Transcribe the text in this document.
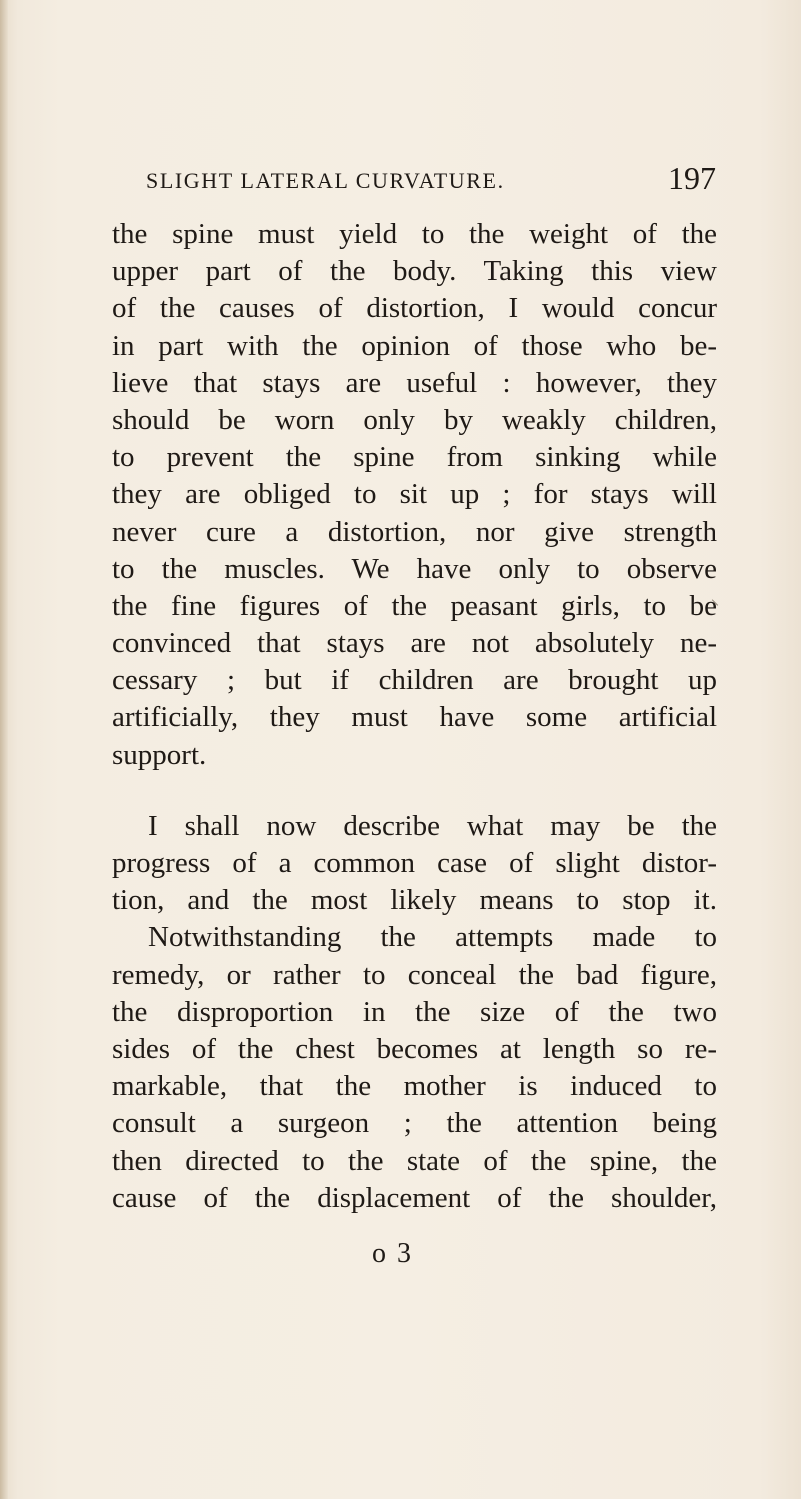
SLIGHT LATERAL CURVATURE.	197
the spine must yield to the weight of the
upper part of the body. Taking this view
of the causes of distortion, I would concur
in part with the opinion of those who be-
lieve that stays are useful : however, they
should be worn only by weakly children,
to prevent the spine from sinking while
they are obliged to sit up ; for stays will
never cure a distortion, nor give strength
to the muscles. We have only to observe
the fine figures of the peasant girls, to be
convinced that stays are not absolutely ne-
cessary ; but if children are brought up
artificially, they must have some artificial
support.
I shall now describe what may be the
progress of a common case of slight distor-
tion, and the most likely means to stop it.
Notwithstanding the attempts made to
remedy, or rather to conceal the bad figure,
the disproportion in the size of the two
sides of the chest becomes at length so re-
markable, that the mother is induced to
consult a surgeon ; the attention being
then directed to the state of the spine, the
cause of the displacement of the shoulder,
o 3
